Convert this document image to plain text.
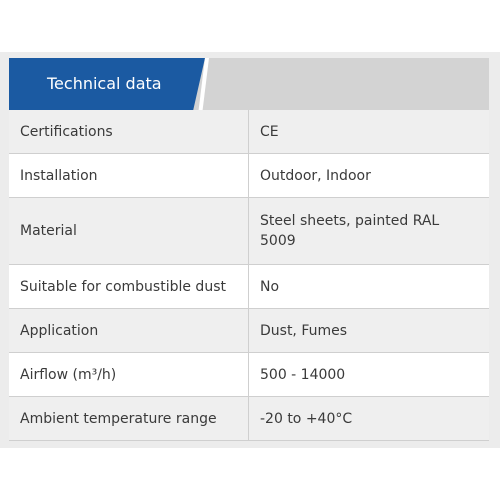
Technical data
Certifications	CE
Installation	Outdoor, Indoor
Material	Steel sheets, painted RAL 5009
Suitable for combustible dust	No
Application	Dust, Fumes
Airflow (m³/h)	500 - 14000
Ambient temperature range	-20 to +40°C
